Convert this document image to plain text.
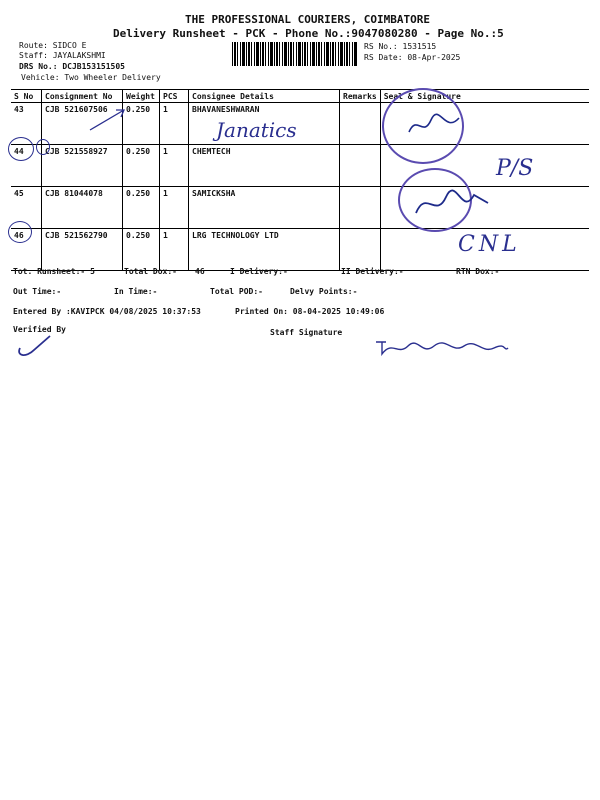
THE PROFESSIONAL COURIERS, COIMBATORE
Delivery Runsheet - PCK - Phone No.:9047080280 - Page No.:5
Route: SIDCO E
Staff: JAYALAKSHMI
DRS No.: DCJB153151505
Vehicle: Two Wheeler Delivery
RS No.: 1531515
RS Date: 08-Apr-2025
S No	Consignment No	Weight	PCS	Consignee Details	Remarks	Seal & Signature
43	CJB 521607506	0.250	1	BHAVANESHWARAN		
44	CJB 521558927	0.250	1	CHEMTECH		
45	CJB 81044078	0.250	1	SAMICKSHA		
46	CJB 521562790	0.250	1	LRG TECHNOLOGY LTD		
Janatics
P/S
CNL
Tot. Runsheet:- 5	Total Dox:- 46	I Delivery:-	II Delivery:-	RTN Dox:-
Out Time:-	In Time:-	Total POD:-	Delvy Points:-
Entered By :KAVIPCK 04/08/2025 10:37:53	Printed On: 08-04-2025 10:49:06
Verified By	Staff Signature
